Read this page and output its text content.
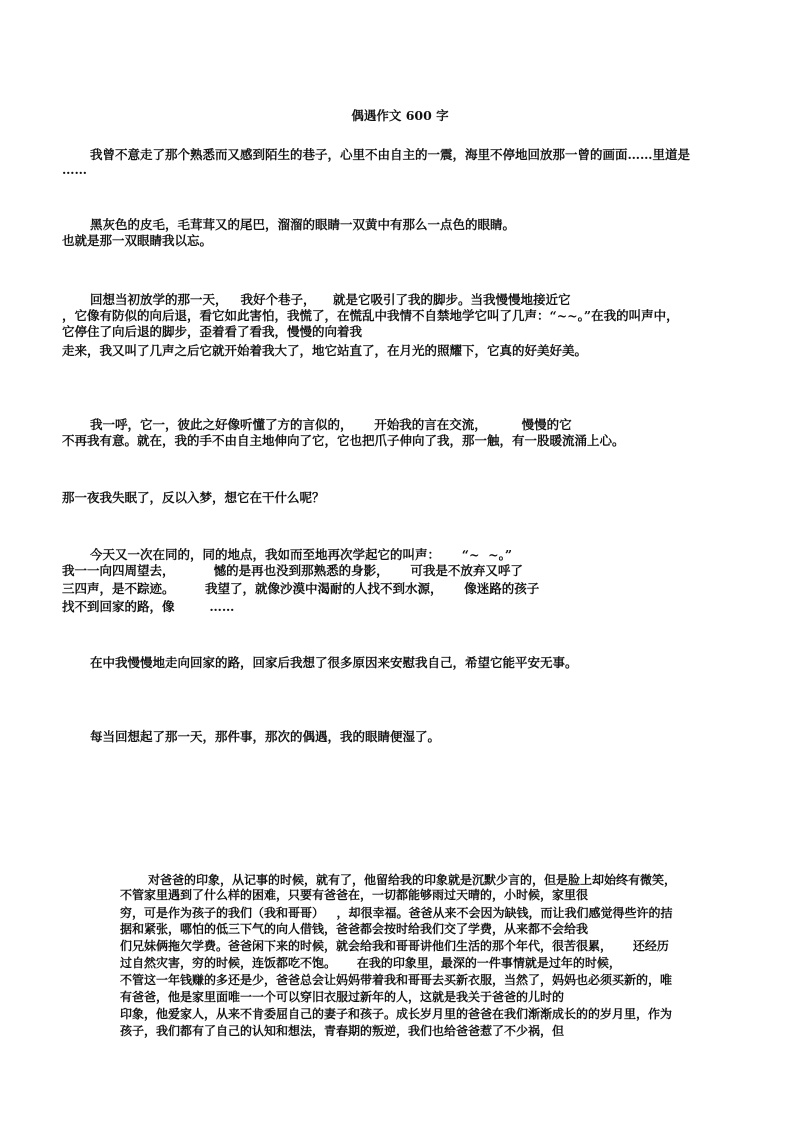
偶遇作文 600 字
我曾不意走了那个熟悉而又感到陌生的巷子，心里不由自主的一震，海里不停地回放那一曾的画面……里道是
……
黑灰色的皮毛，毛茸茸又的尾巴，溜溜的眼睛一双黄中有那么一点色的眼睛。
也就是那一双眼睛我以忘。
回想当初放学的那一天，   我好个巷子，    就是它吸引了我的脚步。当我慢慢地接近它
，它像有防似的向后退，看它如此害怕，我慌了，在慌乱中我情不自禁地学它叫了几声：“~~。”在我的叫声中，
它停住了向后退的脚步，歪着看了看我，慢慢的向着我
走来，我又叫了几声之后它就开始着我大了，地它站直了，在月光的照耀下，它真的好美好美。
我一呼，它一，彼此之好像听懂了方的言似的，     开始我的言在交流，        慢慢的它
不再我有意。就在，我的手不由自主地伸向了它，它也把爪子伸向了我，那一触，有一股暖流涌上心。
那一夜我失眠了，反以入梦，想它在干什么呢？
今天又一次在同的，同的地点，我如而至地再次学起它的叫声：     “~  ~。”
我一一向四周望去，         憾的是再也没到那熟悉的身影，     可我是不放弃又呼了
三四声，是不踪迹。       我望了，就像沙漠中渴耐的人找不到水源，     像迷路的孩子
找不到回家的路，像        ……
在中我慢慢地走向回家的路，回家后我想了很多原因来安慰我自己，希望它能平安无事。
每当回想起了那一天，那件事，那次的偶遇，我的眼睛便湿了。
对爸爸的印象，从记事的时候，就有了，他留给我的印象就是沉默少言的，但是脸上却始终有微笑，
不管家里遇到了什么样的困难，只要有爸爸在，一切都能够雨过天晴的，小时候，家里很
穷，可是作为孩子的我们（我和哥哥）   ，却很幸福。爸爸从来不会因为缺钱，而让我们感觉得些许的拮
据和紧张，哪怕的低三下气的向人借钱，爸爸都会按时给我们交了学费，从来都不会给我
们兄妹俩拖欠学费。爸爸闲下来的时候，就会给我和哥哥讲他们生活的那个年代，很苦很累，     还经历
过自然灾害，穷的时候，连饭都吃不饱。     在我的印象里，最深的一件事情就是过年的时候，
不管这一年钱赚的多还是少，爸爸总会让妈妈带着我和哥哥去买新衣服，当然了，妈妈也必须买新的，唯
有爸爸，他是家里面唯一一个可以穿旧衣服过新年的人，这就是我关于爸爸的儿时的
印象，他爱家人，从来不肯委屈自己的妻子和孩子。成长岁月里的爸爸在我们渐渐成长的的岁月里，作为
孩子，我们都有了自己的认知和想法，青春期的叛逆，我们也给爸爸惹了不少祸，但
